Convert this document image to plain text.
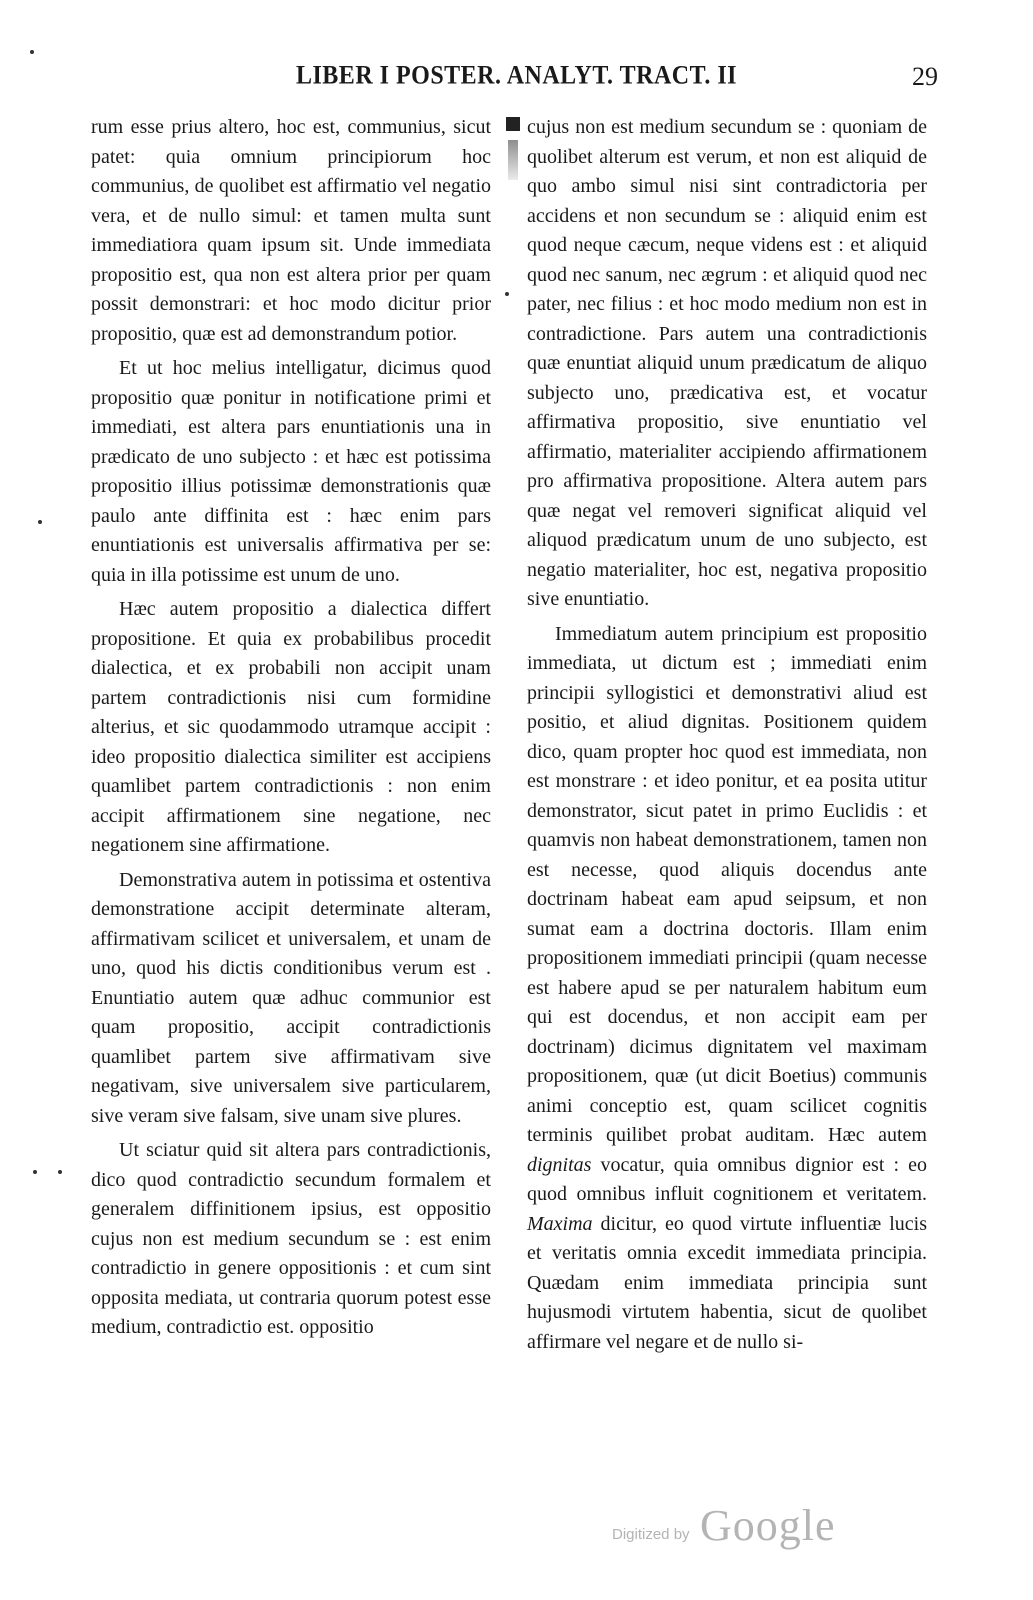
LIBER I POSTER. ANALYT. TRACT. II	29

rum esse prius altero, hoc est, communius, sicut patet: quia omnium principiorum hoc communius, de quolibet est affirmatio vel negatio vera, et de nullo simul: et tamen multa sunt immediatiora quam ipsum sit. Unde immediata propositio est, qua non est altera prior per quam possit demonstrari: et hoc modo dicitur prior propositio, quæ est ad demonstrandum potior.

Et ut hoc melius intelligatur, dicimus quod propositio quæ ponitur in notificatione primi et immediati, est altera pars enuntiationis una in prædicato de uno subjecto : et hæc est potissima propositio illius potissimæ demonstrationis quæ paulo ante diffinita est : hæc enim pars enuntiationis est universalis affirmativa per se: quia in illa potissime est unum de uno.

Hæc autem propositio a dialectica differt propositione. Et quia ex probabilibus procedit dialectica, et ex probabili non accipit unam partem contradictionis nisi cum formidine alterius, et sic quodammodo utramque accipit : ideo propositio dialectica similiter est accipiens quamlibet partem contradictionis : non enim accipit affirmationem sine negatione, nec negationem sine affirmatione.

Demonstrativa autem in potissima et ostentiva demonstratione accipit determinate alteram, affirmativam scilicet et universalem, et unam de uno, quod his dictis conditionibus verum est . Enuntiatio autem quæ adhuc communior est quam propositio, accipit contradictionis quamlibet partem sive affirmativam sive negativam, sive universalem sive particularem, sive veram sive falsam, sive unam sive plures.

Ut sciatur quid sit altera pars contradictionis, dico quod contradictio secundum formalem et generalem diffinitionem ipsius, est oppositio cujus non est medium secundum se : est enim contradictio in genere oppositionis : et cum sint opposita mediata, ut contraria quorum potest esse medium, contradictio est. oppositio

cujus non est medium secundum se : quoniam de quolibet alterum est verum, et non est aliquid de quo ambo simul nisi sint contradictoria per accidens et non secundum se : aliquid enim est quod neque cæcum, neque videns est : et aliquid quod nec sanum, nec ægrum : et aliquid quod nec pater, nec filius : et hoc modo medium non est in contradictione. Pars autem una contradictionis quæ enuntiat aliquid unum prædicatum de aliquo subjecto uno, prædicativa est, et vocatur affirmativa propositio, sive enuntiatio vel affirmatio, materialiter accipiendo affirmationem pro affirmativa propositione. Altera autem pars quæ negat vel removeri significat aliquid vel aliquod prædicatum unum de uno subjecto, est negatio materialiter, hoc est, negativa propositio sive enuntiatio.

Immediatum autem principium est propositio immediata, ut dictum est ; immediati enim principii syllogistici et demonstrativi aliud est positio, et aliud dignitas. Positionem quidem dico, quam propter hoc quod est immediata, non est monstrare : et ideo ponitur, et ea posita utitur demonstrator, sicut patet in primo Euclidis : et quamvis non habeat demonstrationem, tamen non est necesse, quod aliquis docendus ante doctrinam habeat eam apud seipsum, et non sumat eam a doctrina doctoris. Illam enim propositionem immediati principii (quam necesse est habere apud se per naturalem habitum eum qui est docendus, et non accipit eam per doctrinam) dicimus dignitatem vel maximam propositionem, quæ (ut dicit Boetius) communis animi conceptio est, quam scilicet cognitis terminis quilibet probat auditam. Hæc autem dignitas vocatur, quia omnibus dignior est : eo quod omnibus influit cognitionem et veritatem. Maxima dicitur, eo quod virtute influentiæ lucis et veritatis omnia excedit immediata principia. Quædam enim immediata principia sunt hujusmodi virtutem habentia, sicut de quolibet affirmare vel negare et de nullo si-

Digitized by Google
